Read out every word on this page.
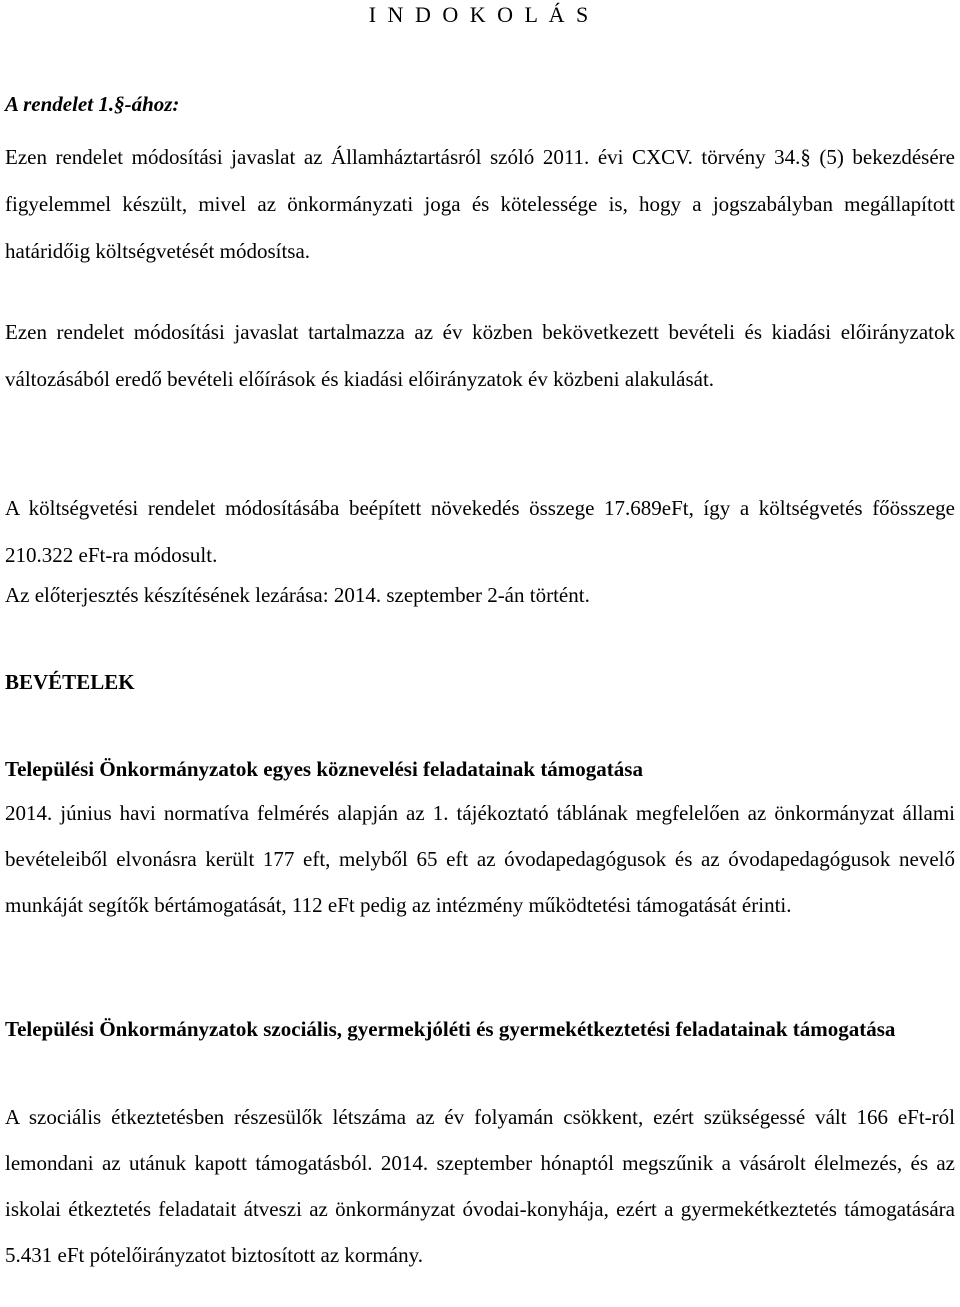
I N D O K O L Á S
A rendelet 1.§-ához:
Ezen rendelet módosítási javaslat az Államháztartásról szóló 2011. évi CXCV. törvény 34.§ (5) bekezdésére figyelemmel készült, mivel az önkormányzati joga és kötelessége is, hogy a jogszabályban megállapított határidőig költségvetését módosítsa.
Ezen rendelet módosítási javaslat tartalmazza az év közben bekövetkezett bevételi és kiadási előirányzatok változásából eredő bevételi előírások és kiadási előirányzatok év közbeni alakulását.
A költségvetési rendelet módosításába beépített növekedés összege 17.689eFt, így a költségvetés főösszege 210.322 eFt-ra módosult.
Az előterjesztés készítésének lezárása: 2014. szeptember 2-án történt.
BEVÉTELEK
Települési Önkormányzatok egyes köznevelési feladatainak támogatása
2014. június havi normatíva felmérés alapján az 1. tájékoztató táblának megfelelően az önkormányzat állami bevételeiből elvonásra került 177 eft, melyből 65 eft az óvodapedagógusok és az óvodapedagógusok nevelő munkáját segítők bértámogatását, 112 eFt pedig az intézmény működtetési támogatását érinti.
Települési Önkormányzatok szociális, gyermekjóléti és gyermekétkeztetési feladatainak támogatása
A szociális étkeztetésben részesülők létszáma az év folyamán csökkent, ezért szükségessé vált 166 eFt-ról lemondani az utánuk kapott támogatásból. 2014. szeptember hónaptól megszűnik a vásárolt élelmezés, és az iskolai étkeztetés feladatait átveszi az önkormányzat óvodai-konyhája, ezért a gyermekétkeztetés támogatására 5.431 eFt pótelőirányzatot biztosított az kormány.
